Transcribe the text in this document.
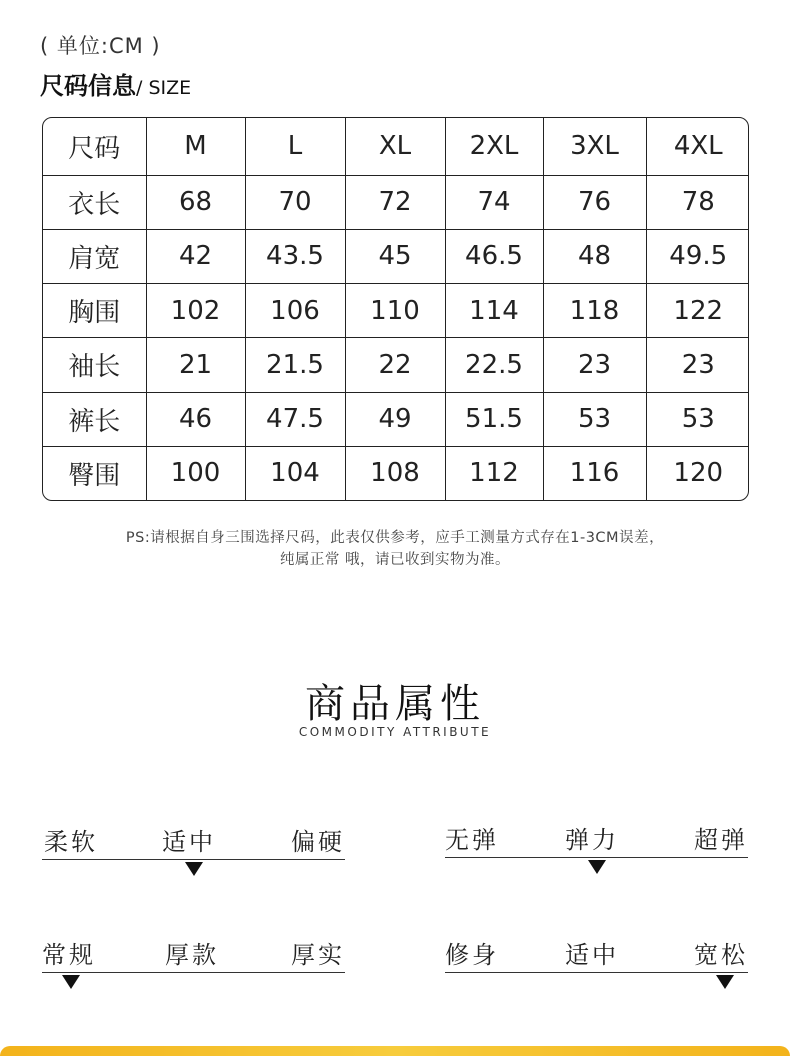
( 单位:CM )
尺码信息/ SIZE
尺码	M	L	XL	2XL	3XL	4XL
衣长	68	70	72	74	76	78
肩宽	42	43.5	45	46.5	48	49.5
胸围	102	106	110	114	118	122
袖长	21	21.5	22	22.5	23	23
裤长	46	47.5	49	51.5	53	53
臀围	100	104	108	112	116	120
PS:请根据自身三围选择尺码，此表仅供参考，应手工测量方式存在1-3CM误差，
纯属正常 哦，请已收到实物为准。
商品属性
COMMODITY ATTRIBUTE
柔软	适中	偏硬	无弹	弹力	超弹
常规	厚款	厚实	修身	适中	宽松
